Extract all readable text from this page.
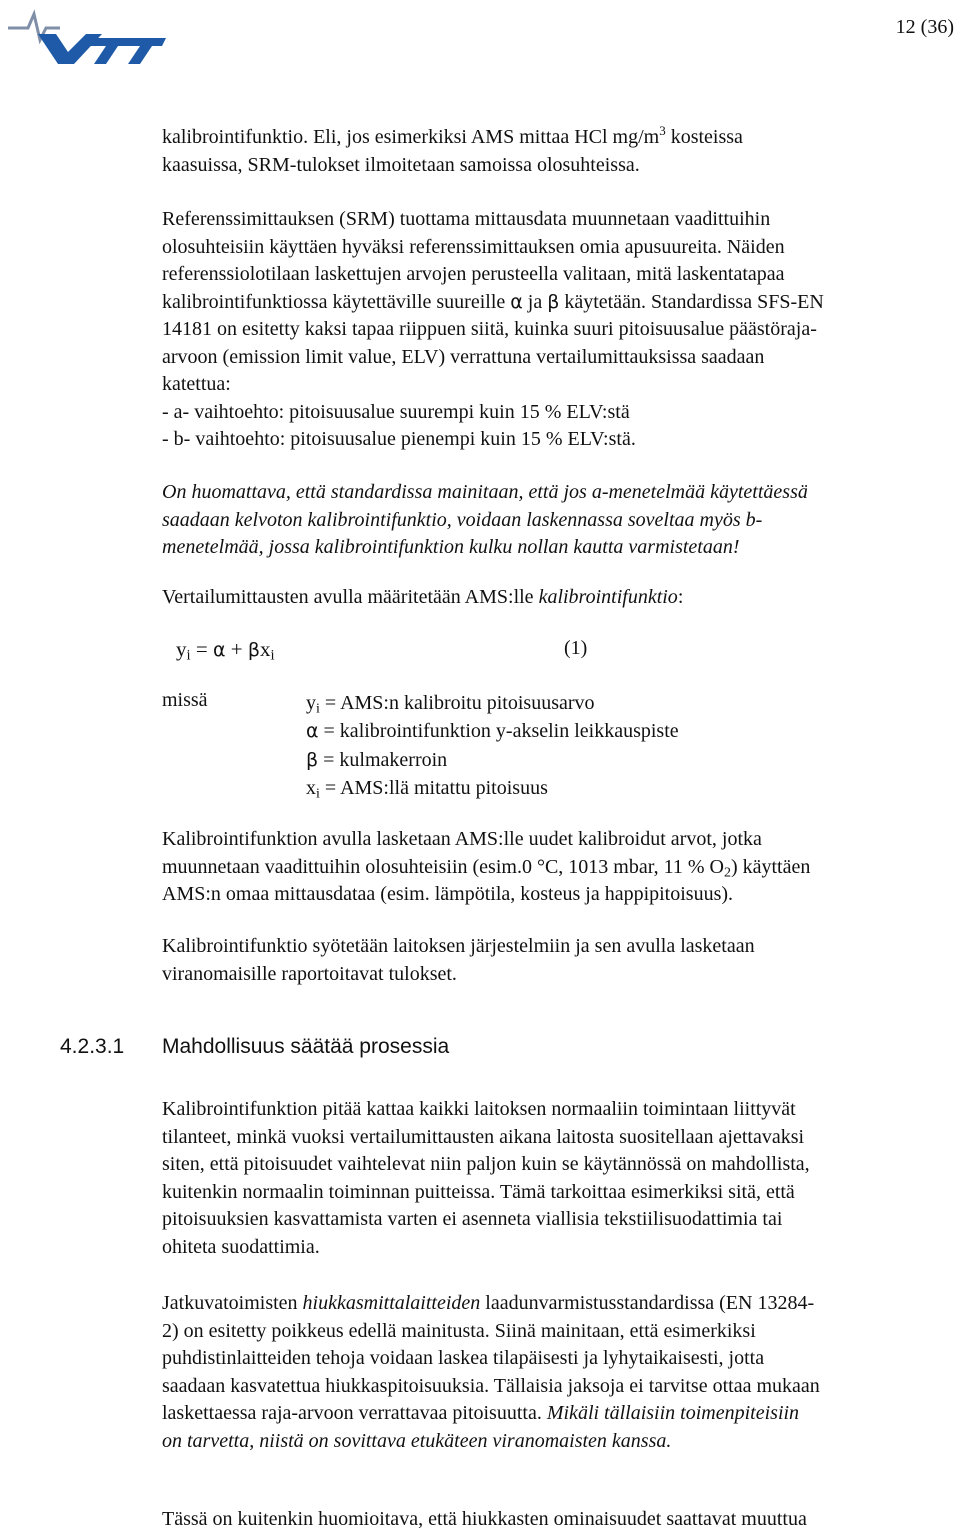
12 (36)

kalibrointifunktio. Eli, jos esimerkiksi AMS mittaa HCl $mg/m^3$ kosteissa
kaasuissa, SRM-tulokset ilmoitetaan samoissa olosuhteissa.

Referenssimittauksen (SRM) tuottama mittausdata muunnetaan vaadittuihin
olosuhteisiin käyttäen hyväksi referenssimittauksen omia apusuureita. Näiden
referenssiolotilaan laskettujen arvojen perusteella valitaan, mitä laskentatapaa
kalibrointifunktiossa käytettäville suureille α ja β käytetään. Standardissa SFS-EN
14181 on esitetty kaksi tapaa riippuen siitä, kuinka suuri pitoisuusalue päästöraja-
arvoon (emission limit value, ELV) verrattuna vertailumittauksissa saadaan
katettua:
- a- vaihtoehto: pitoisuusalue suurempi kuin 15 % ELV:stä
- b- vaihtoehto: pitoisuusalue pienempi kuin 15 % ELV:stä.

On huomattava, että standardissa mainitaan, että jos a-menetelmää käytettäessä
saadaan kelvoton kalibrointifunktio, voidaan laskennassa soveltaa myös b-
menetelmää, jossa kalibrointifunktion kulku nollan kautta varmistetaan!

Vertailumittausten avulla määritetään AMS:lle kalibrointifunktio:

$y_i = \alpha + \beta x_i$	(1)
missä	$y_i$ = AMS:n kalibroitu pitoisuusarvo
α = kalibrointifunktion y-akselin leikkauspiste
β = kulmakerroin
$x_i$ = AMS:llä mitattu pitoisuus

Kalibrointifunktion avulla lasketaan AMS:lle uudet kalibroidut arvot, jotka
muunnetaan vaadittuihin olosuhteisiin (esim.0 °C, 1013 mbar, 11 % $O_2$) käyttäen
AMS:n omaa mittausdataa (esim. lämpötila, kosteus ja happipitoisuus).

Kalibrointifunktio syötetään laitoksen järjestelmiin ja sen avulla lasketaan
viranomaisille raportoitavat tulokset.

4.2.3.1 Mahdollisuus säätää prosessia

Kalibrointifunktion pitää kattaa kaikki laitoksen normaaliin toimintaan liittyvät
tilanteet, minkä vuoksi vertailumittausten aikana laitosta suositellaan ajettavaksi
siten, että pitoisuudet vaihtelevat niin paljon kuin se käytännössä on mahdollista,
kuitenkin normaalin toiminnan puitteissa. Tämä tarkoittaa esimerkiksi sitä, että
pitoisuuksien kasvattamista varten ei asenneta viallisia tekstiilisuodattimia tai
ohiteta suodattimia.

Jatkuvatoimisten hiukkasmittalaitteiden laadunvarmistusstandardissa (EN 13284-
2) on esitetty poikkeus edellä mainitusta. Siinä mainitaan, että esimerkiksi
puhdistinlaitteiden tehoja voidaan laskea tilapäisesti ja lyhytaikaisesti, jotta
saadaan kasvatettua hiukkaspitoisuuksia. Tällaisia jaksoja ei tarvitse ottaa mukaan
laskettaessa raja-arvoon verrattavaa pitoisuutta. Mikäli tällaisiin toimenpiteisiin
on tarvetta, niistä on sovittava etukäteen viranomaisten kanssa.

Tässä on kuitenkin huomioitava, että hiukkasten ominaisuudet saattavat muuttua
